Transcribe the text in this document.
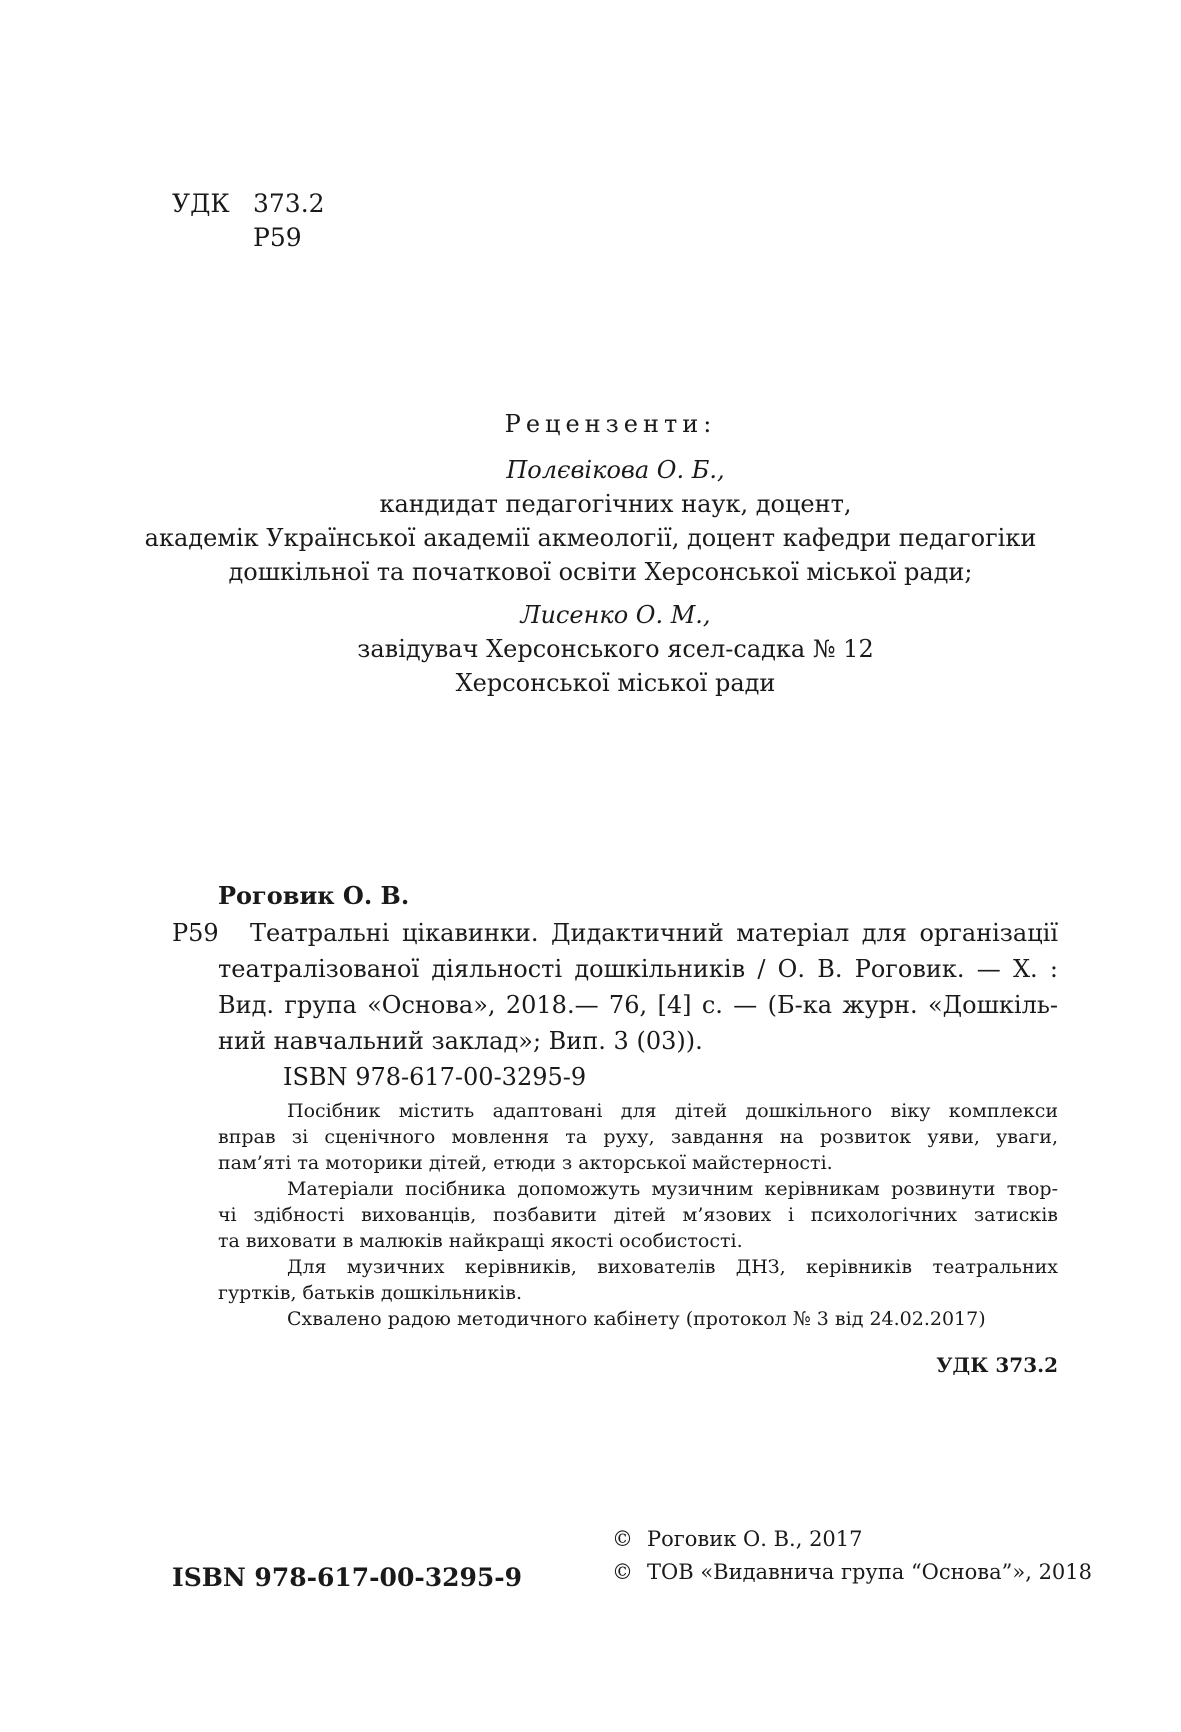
УДК 373.2
Р59
Рецензенти:
Полєвікова О. Б.,
кандидат педагогічних наук, доцент,
академік Української академії акмеології, доцент кафедри педагогіки
дошкільної та початкової освіти Херсонської міської ради;
Лисенко О. М.,
завідувач Херсонського ясел-садка № 12
Херсонської міської ради
Роговик О. В.
Р59 Театральні цікавинки. Дидактичний матеріал для організації
театралізованої діяльності дошкільників / О. В. Роговик. — Х. :
Вид. група «Основа», 2018.— 76, [4] с. — (Б-ка журн. «Дошкіль-
ний навчальний заклад»; Вип. 3 (03)).
ISBN 978-617-00-3295-9
Посібник містить адаптовані для дітей дошкільного віку комплекси
вправ зі сценічного мовлення та руху, завдання на розвиток уяви, уваги,
пам’яті та моторики дітей, етюди з акторської майстерності.
Матеріали посібника допоможуть музичним керівникам розвинути твор-
чі здібності вихованців, позбавити дітей м’язових і психологічних затисків
та виховати в малюків найкращі якості особистості.
Для музичних керівників, вихователів ДНЗ, керівників театральних
гуртків, батьків дошкільників.
Схвалено радою методичного кабінету (протокол № 3 від 24.02.2017)
УДК 373.2
ISBN 978-617-00-3295-9
© Роговик О. В., 2017
© ТОВ «Видавнича група “Основа”», 2018
